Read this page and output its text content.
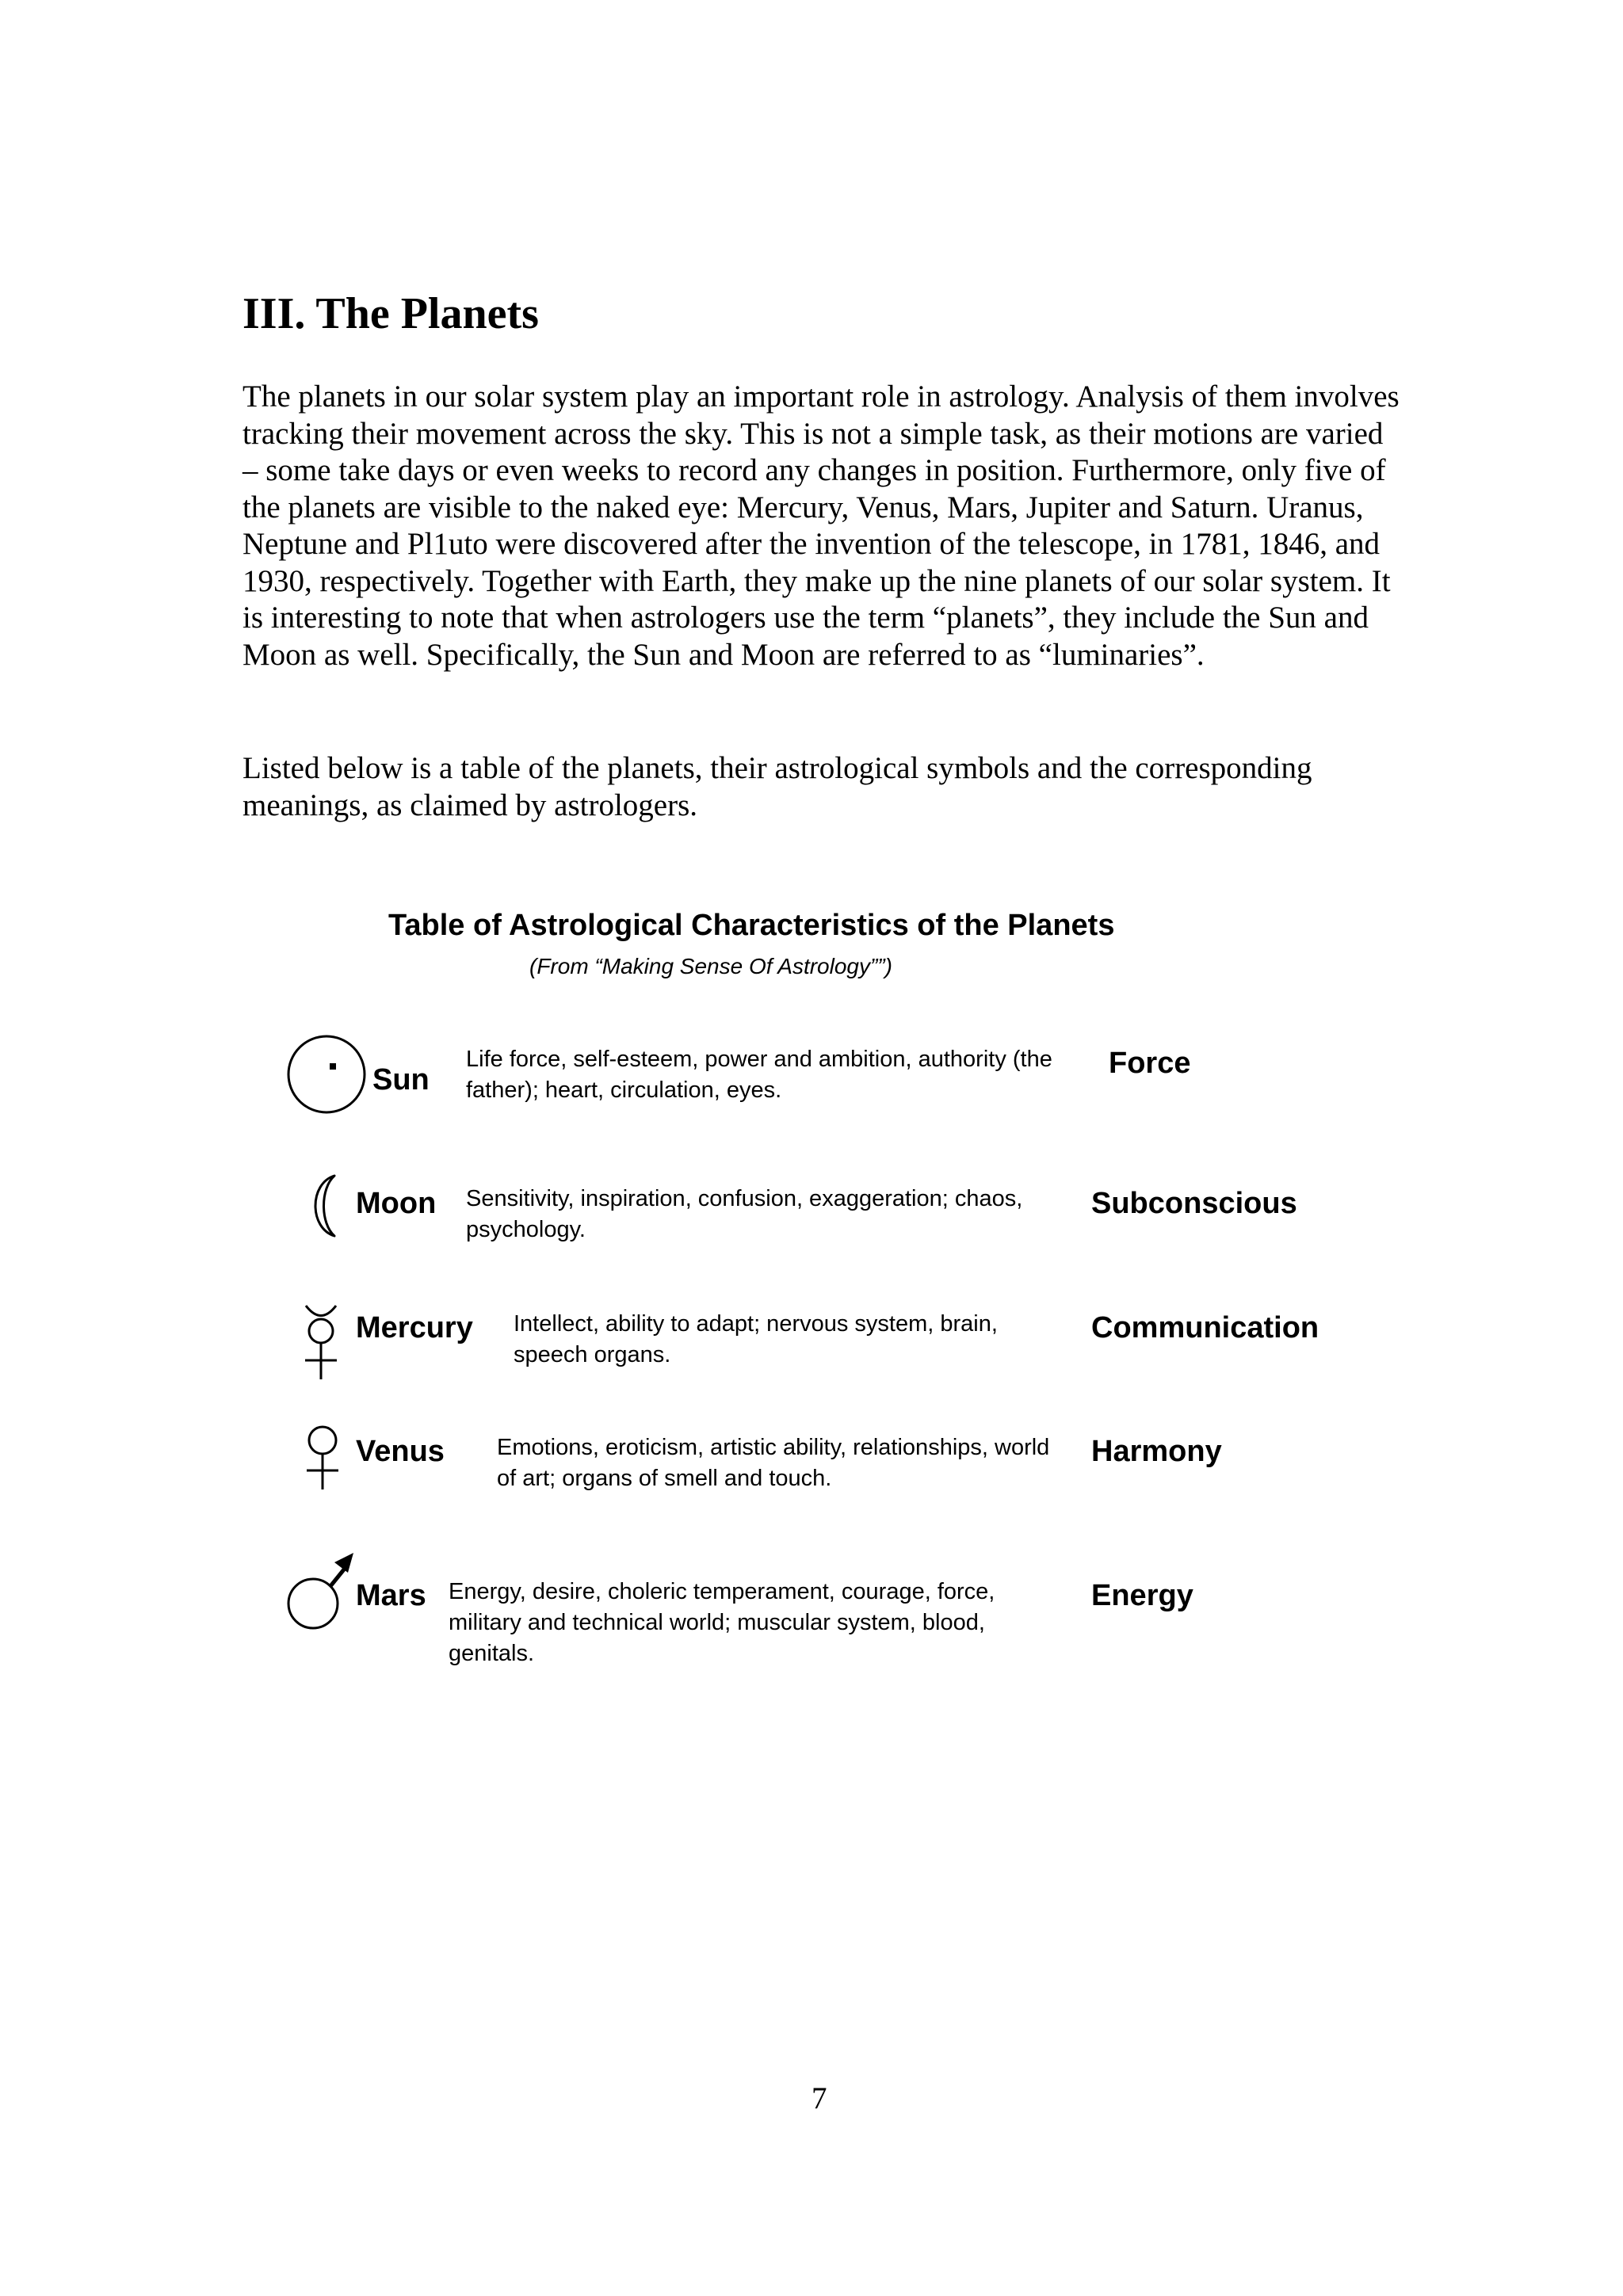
III. The Planets

The planets in our solar system play an important role in astrology. Analysis of them involves tracking their movement across the sky. This is not a simple task, as their motions are varied – some take days or even weeks to record any changes in position. Furthermore, only five of the planets are visible to the naked eye: Mercury, Venus, Mars, Jupiter and Saturn. Uranus, Neptune and Pl1uto were discovered after the invention of the telescope, in 1781, 1846, and 1930, respectively. Together with Earth, they make up the nine planets of our solar system. It is interesting to note that when astrologers use the term “planets”, they include the Sun and Moon as well. Specifically, the Sun and Moon are referred to as “luminaries”.

Listed below is a table of the planets, their astrological symbols and the corresponding meanings, as claimed by astrologers.

Table of Astrological Characteristics of the Planets

(From “Making Sense Of Astrology””)

Sun
Life force, self-esteem, power and ambition, authority (the father); heart, circulation, eyes.
Force
Moon Sensitivity, inspiration, confusion, exaggeration; chaos, psychology.
Subconscious
Mercury Intellect, ability to adapt; nervous system, brain, speech organs.
Communication
Venus Emotions, eroticism, artistic ability, relationships, world of art; organs of smell and touch.
Harmony
Mars Energy, desire, choleric temperament, courage, force, military and technical world; muscular system, blood, genitals.
Energy

7
